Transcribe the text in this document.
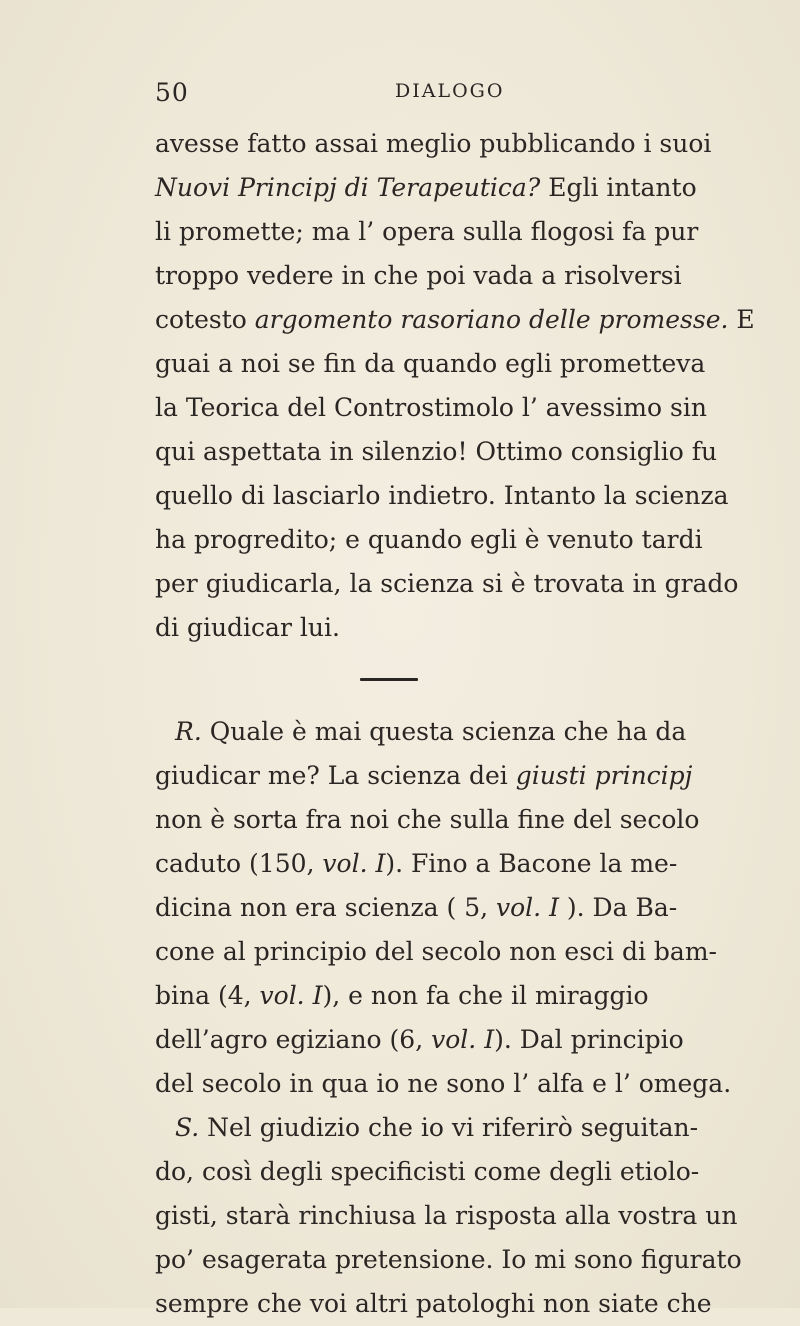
50	DIALOGO
avesse fatto assai meglio pubblicando i suoi
Nuovi Principj di Terapeutica? Egli intanto
li promette; ma l’ opera sulla flogosi fa pur
troppo vedere in che poi vada a risolversi
cotesto argomento rasoriano delle promesse. E
guai a noi se fin da quando egli prometteva
la Teorica del Controstimolo l’ avessimo sin
qui aspettata in silenzio! Ottimo consiglio fu
quello di lasciarlo indietro. Intanto la scienza
ha progredito; e quando egli è venuto tardi
per giudicarla, la scienza si è trovata in grado
di giudicar lui.
R. Quale è mai questa scienza che ha da
giudicar me? La scienza dei giusti principj
non è sorta fra noi che sulla fine del secolo
caduto (150, vol. I). Fino a Bacone la me-
dicina non era scienza ( 5, vol. I ). Da Ba-
cone al principio del secolo non esci di bam-
bina (4, vol. I), e non fa che il miraggio
dell’agro egiziano (6, vol. I). Dal principio
del secolo in qua io ne sono l’ alfa e l’ omega.
S. Nel giudizio che io vi riferirò seguitan-
do, così degli specificisti come degli etiolo-
gisti, starà rinchiusa la risposta alla vostra un
po’ esagerata pretensione. Io mi sono figurato
sempre che voi altri patologhi non siate che
